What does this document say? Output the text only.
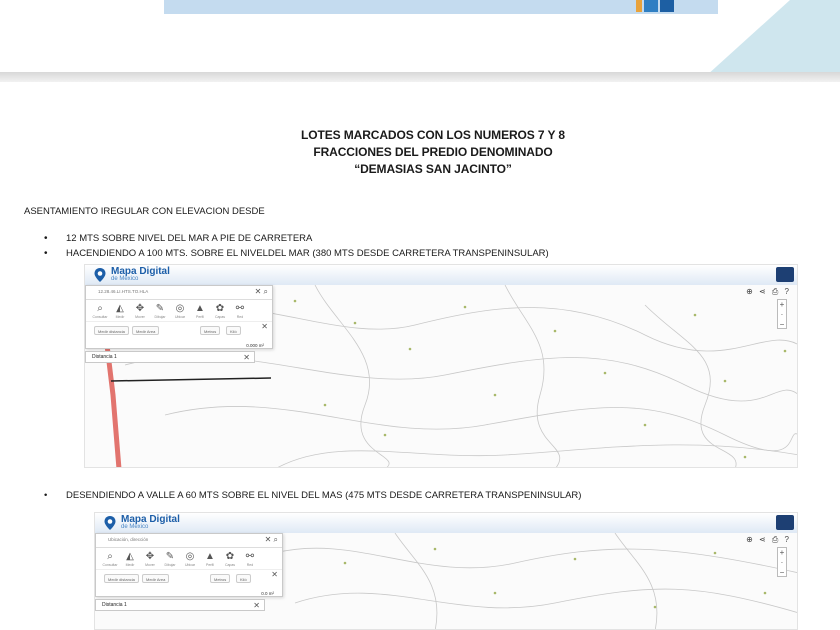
LOTES MARCADOS CON LOS NUMEROS 7 Y 8
FRACCIONES DEL PREDIO DENOMINADO
“DEMASIAS SAN JACINTO”
ASENTAMIENTO IREGULAR CON ELEVACION DESDE
• 12 MTS SOBRE NIVEL DEL MAR A PIE DE CARRETERA
• HACENDIENDO A 100 MTS. SOBRE EL NIVELDEL MAR (380 MTS DESDE CARRETERA TRANSPENINSULAR)
Mapa Digital
de México
⊕ ⋖ ⎙ ?
+
·
−
12.28.46.LI.HTS.TO.HLA	✕ ⌕
⌕
Consultar
◭
Medir
✥
Mover
✎
Dibujar
◎
Ubicar
▲
Perfil
✿
Capas
⚯
Red
✕
Medir distancia	Medir Area	Metros	Kiló
0.000 m²
Distancia 1	✕
• DESENDIENDO A VALLE A 60 MTS SOBRE EL NIVEL DEL MAS (475 MTS DESDE CARRETERA TRANSPENINSULAR)
Mapa Digital
de México
⊕ ⋖ ⎙ ?
+
·
−
Ubicación, dirección	✕ ⌕
⌕
Consultar
◭
Medir
✥
Mover
✎
Dibujar
◎
Ubicar
▲
Perfil
✿
Capas
⚯
Red
✕
Medir distancia	Medir Area	Metros	Kiló
0.0 m²
Distancia 1	✕
